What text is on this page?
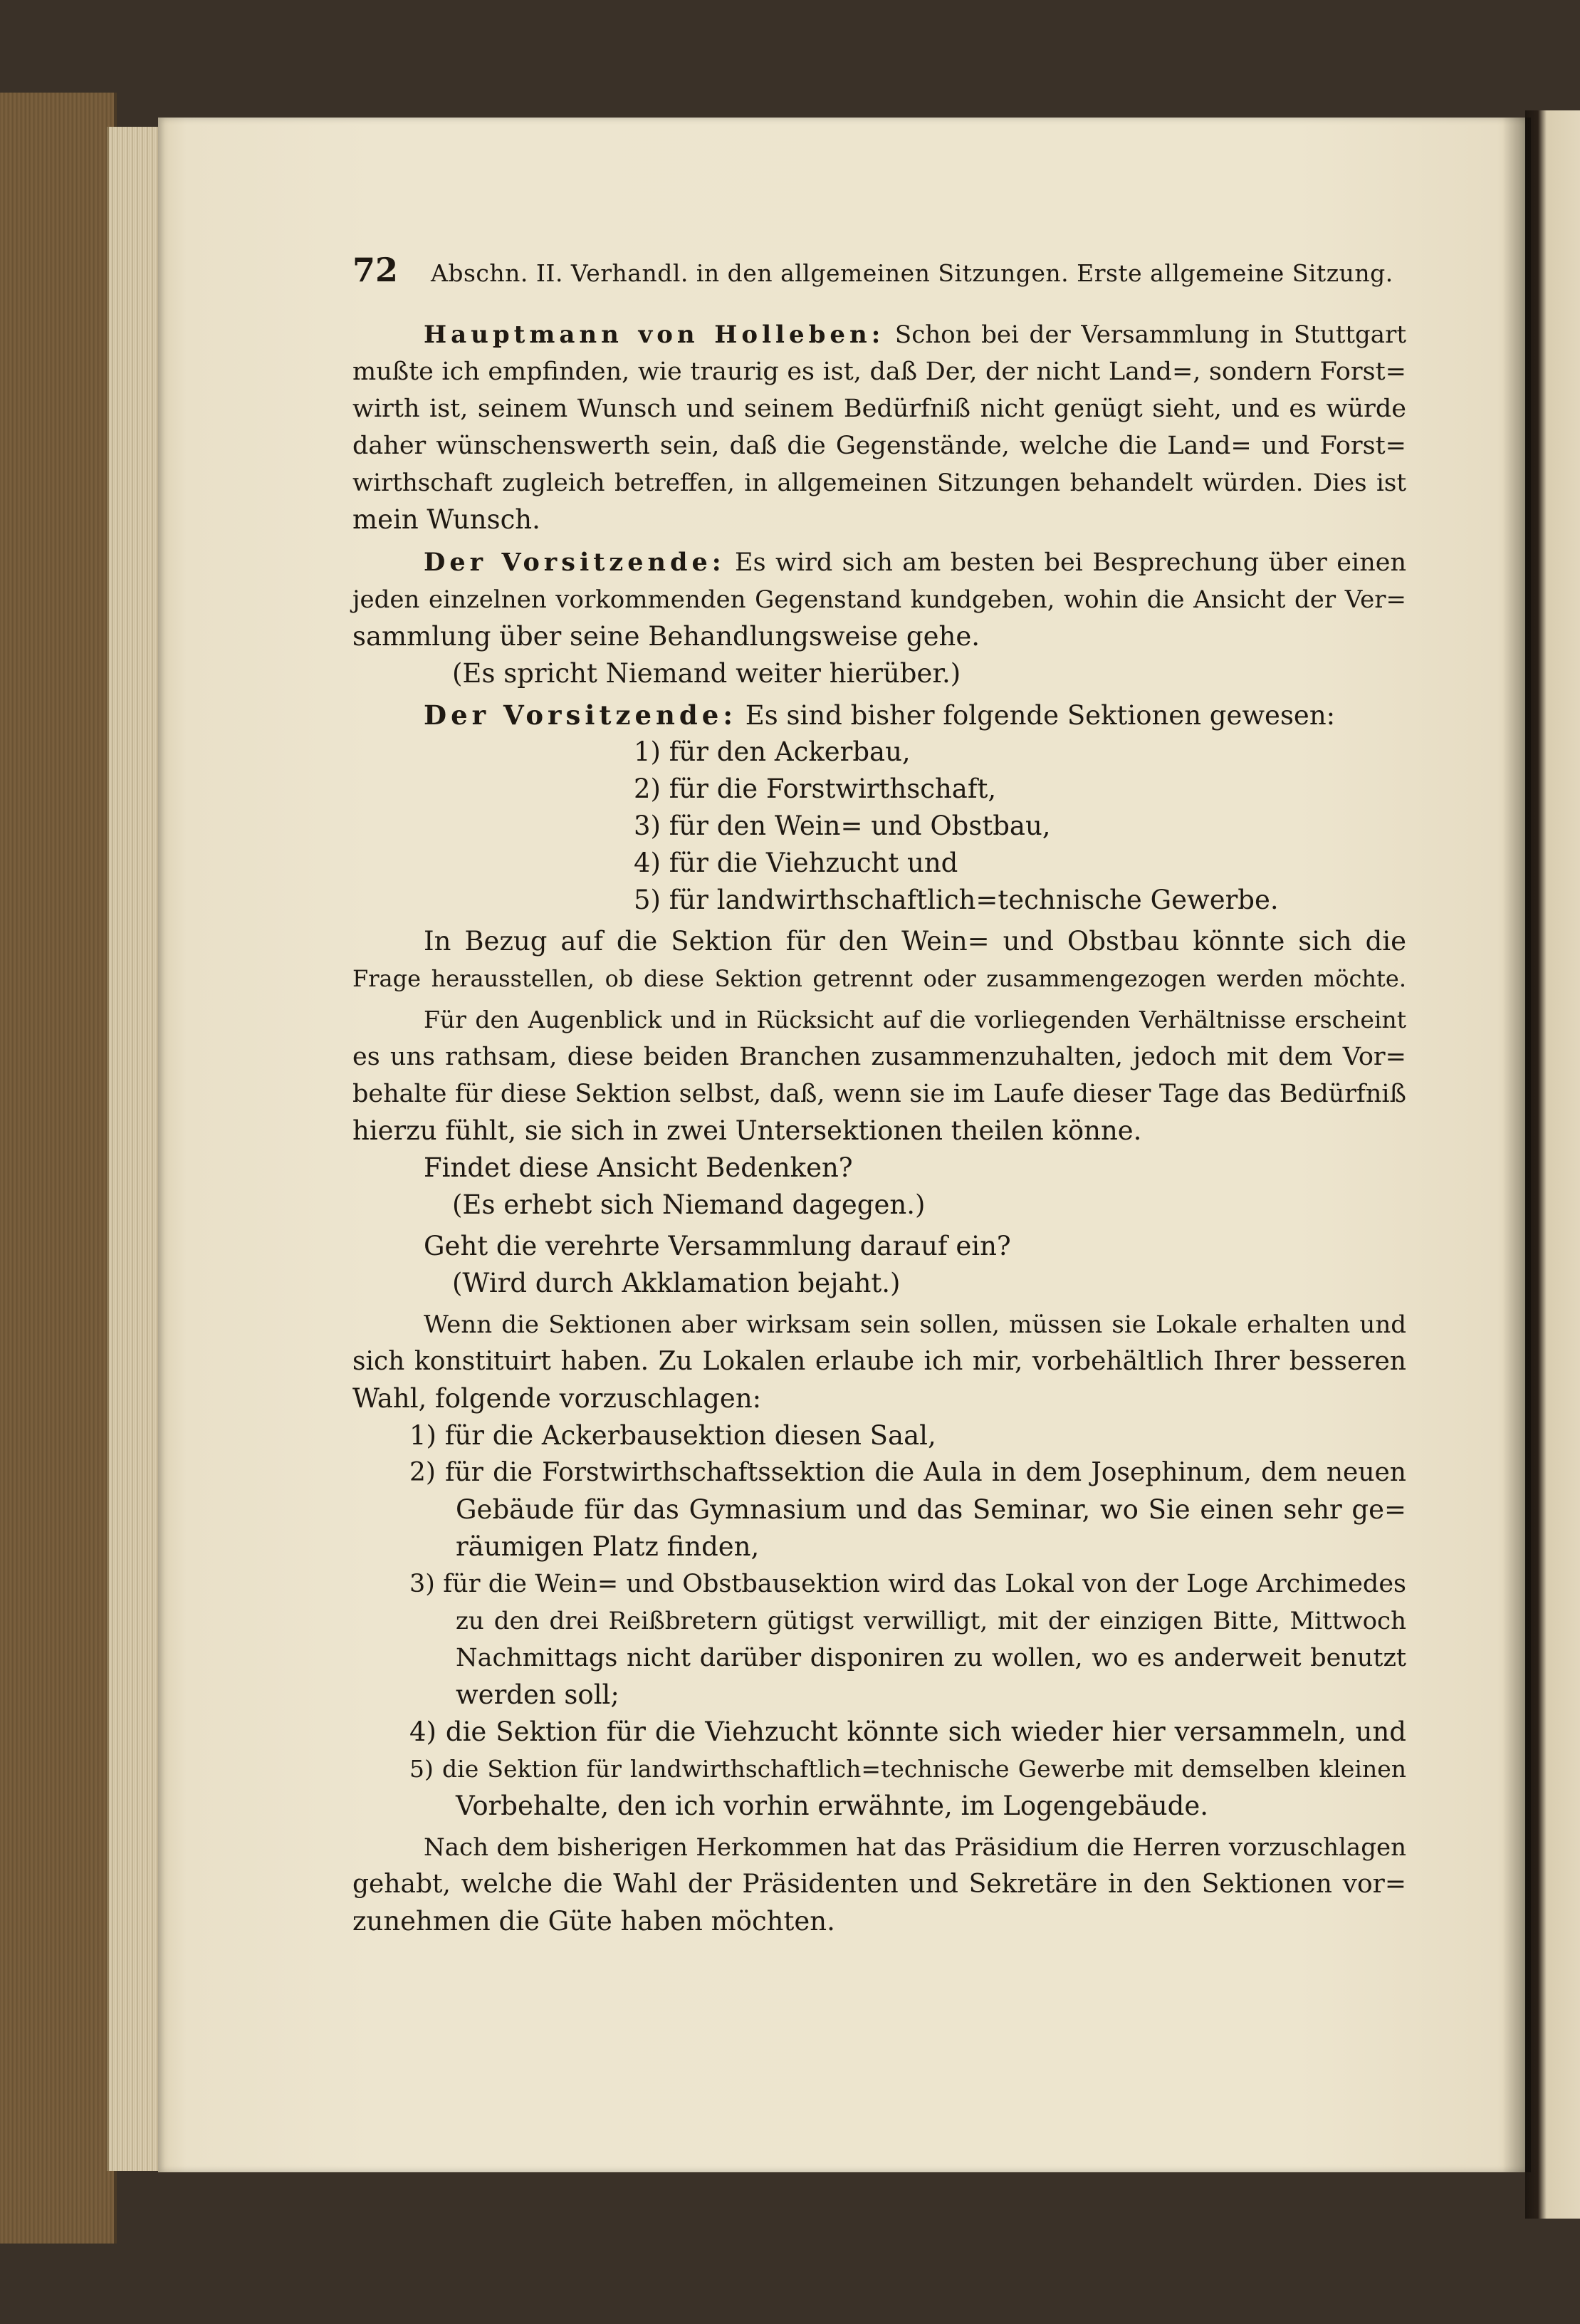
72 Abschn. II. Verhandl. in den allgemeinen Sitzungen. Erste allgemeine Sitzung.
Hauptmann von Holleben: Schon bei der Versammlung in Stuttgart
mußte ich empfinden, wie traurig es ist, daß Der, der nicht Land=, sondern Forst=
wirth ist, seinem Wunsch und seinem Bedürfniß nicht genügt sieht, und es würde
daher wünschenswerth sein, daß die Gegenstände, welche die Land= und Forst=
wirthschaft zugleich betreffen, in allgemeinen Sitzungen behandelt würden. Dies ist
mein Wunsch.
Der Vorsitzende: Es wird sich am besten bei Besprechung über einen
jeden einzelnen vorkommenden Gegenstand kundgeben, wohin die Ansicht der Ver=
sammlung über seine Behandlungsweise gehe.
(Es spricht Niemand weiter hierüber.)
Der Vorsitzende: Es sind bisher folgende Sektionen gewesen:
1) für den Ackerbau,
2) für die Forstwirthschaft,
3) für den Wein= und Obstbau,
4) für die Viehzucht und
5) für landwirthschaftlich=technische Gewerbe.
In Bezug auf die Sektion für den Wein= und Obstbau könnte sich die
Frage herausstellen, ob diese Sektion getrennt oder zusammengezogen werden möchte.
Für den Augenblick und in Rücksicht auf die vorliegenden Verhältnisse erscheint
es uns rathsam, diese beiden Branchen zusammenzuhalten, jedoch mit dem Vor=
behalte für diese Sektion selbst, daß, wenn sie im Laufe dieser Tage das Bedürfniß
hierzu fühlt, sie sich in zwei Untersektionen theilen könne.
Findet diese Ansicht Bedenken?
(Es erhebt sich Niemand dagegen.)
Geht die verehrte Versammlung darauf ein?
(Wird durch Akklamation bejaht.)
Wenn die Sektionen aber wirksam sein sollen, müssen sie Lokale erhalten und
sich konstituirt haben. Zu Lokalen erlaube ich mir, vorbehältlich Ihrer besseren
Wahl, folgende vorzuschlagen:
1) für die Ackerbausektion diesen Saal,
2) für die Forstwirthschaftssektion die Aula in dem Josephinum, dem neuen
Gebäude für das Gymnasium und das Seminar, wo Sie einen sehr ge=
räumigen Platz finden,
3) für die Wein= und Obstbausektion wird das Lokal von der Loge Archimedes
zu den drei Reißbretern gütigst verwilligt, mit der einzigen Bitte, Mittwoch
Nachmittags nicht darüber disponiren zu wollen, wo es anderweit benutzt
werden soll;
4) die Sektion für die Viehzucht könnte sich wieder hier versammeln, und
5) die Sektion für landwirthschaftlich=technische Gewerbe mit demselben kleinen
Vorbehalte, den ich vorhin erwähnte, im Logengebäude.
Nach dem bisherigen Herkommen hat das Präsidium die Herren vorzuschlagen
gehabt, welche die Wahl der Präsidenten und Sekretäre in den Sektionen vor=
zunehmen die Güte haben möchten.
